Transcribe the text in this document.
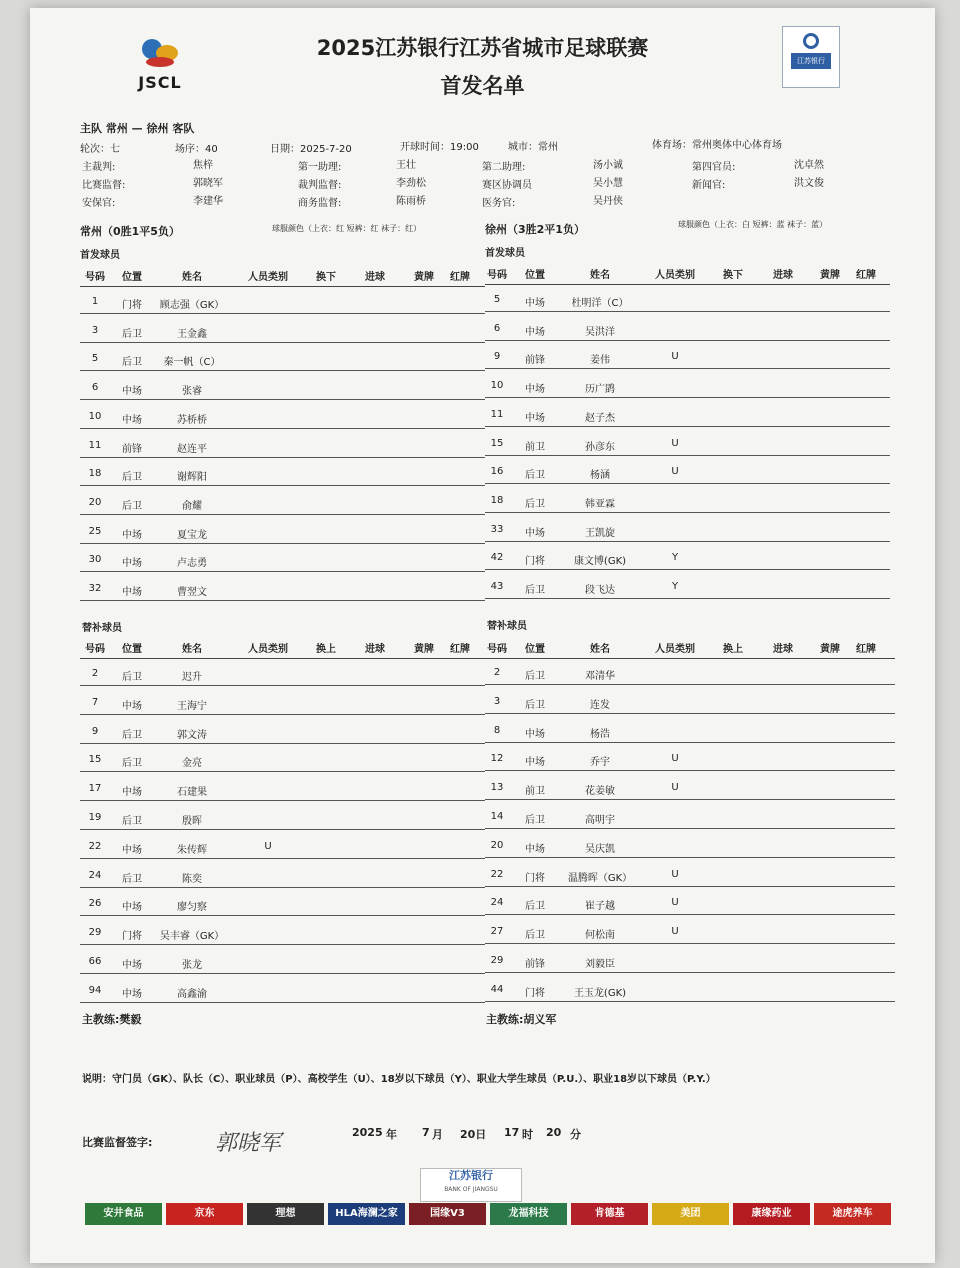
JSCL
2025江苏银行江苏省城市足球联赛
首发名单
江苏银行
主队 常州 — 徐州 客队
轮次：七	场序：40	日期：2025-7-20	开球时间：19:00	城市：常州	体育场：常州奥体中心体育场
主裁判:	焦梓	第一助理:	王壮	第二助理:	汤小诚	第四官员:	沈卓然
比赛监督:	郭晓军	裁判监督:	李劲松	赛区协调员	吴小慧	新闻官:	洪文俊
安保官:	李建华	商务监督:	陈雨桥	医务官:	吴丹侠
常州（0胜1平5负）	球服颜色（上衣：红 短裤：红 袜子：红）	徐州（3胜2平1负）	球服颜色（上衣：白 短裤：蓝 袜子：蓝）
首发球员	首发球员
号码	位置	姓名	人员类别	换下	进球	黄牌	红牌
1	门将	顾志强（GK）
3	后卫	王金鑫
5	后卫	秦一帆（C）
6	中场	张睿
10	中场	苏桥桥
11	前锋	赵连平
18	后卫	谢辉阳
20	后卫	俞耀
25	中场	夏宝龙
30	中场	卢志勇
32	中场	曹翌文
号码	位置	姓名	人员类别	换下	进球	黄牌	红牌
5	中场	杜明洋（C）
6	中场	吴洪洋
9	前锋	姜伟	U
10	中场	历广鹍
11	中场	赵子杰
15	前卫	孙彦东	U
16	后卫	杨涵	U
18	后卫	韩亚霖
33	中场	王凯旋
42	门将	康文博(GK)	Y
43	后卫	段飞达	Y
号码	位置	姓名	人员类别	换上	进球	黄牌	红牌
2	后卫	迟升
7	中场	王海宁
9	后卫	郭文涛
15	后卫	金亮
17	中场	石建果
19	后卫	殷晖
22	中场	朱传辉	U
24	后卫	陈奕
26	中场	廖匀察
29	门将	吴丰睿（GK）
66	中场	张龙
94	中场	高鑫渝
号码	位置	姓名	人员类别	换上	进球	黄牌	红牌
2	后卫	邓清华
3	后卫	连发
8	中场	杨浩
12	中场	乔宇	U
13	前卫	花姜敏	U
14	后卫	高明宇
20	中场	吴庆凯
22	门将	温腾晖（GK）	U
24	后卫	崔子越	U
27	后卫	何松南	U
29	前锋	刘毅臣
44	门将	王玉龙(GK)
替补球员	替补球员
主教练:樊毅	主教练:胡义军
说明：守门员（GK）、队长（C）、职业球员（P）、高校学生（U）、18岁以下球员（Y）、职业大学生球员（P.U.）、职业18岁以下球员（P.Y.）
比赛监督签字:	郭晓军	2025 年 7 月 20日 17 时 20 分
江苏银行
BANK OF JIANGSU
安井食品	京东	理想	HLA海澜之家	国缘V3	龙福科技	肯德基	美团	康缘药业	途虎养车
